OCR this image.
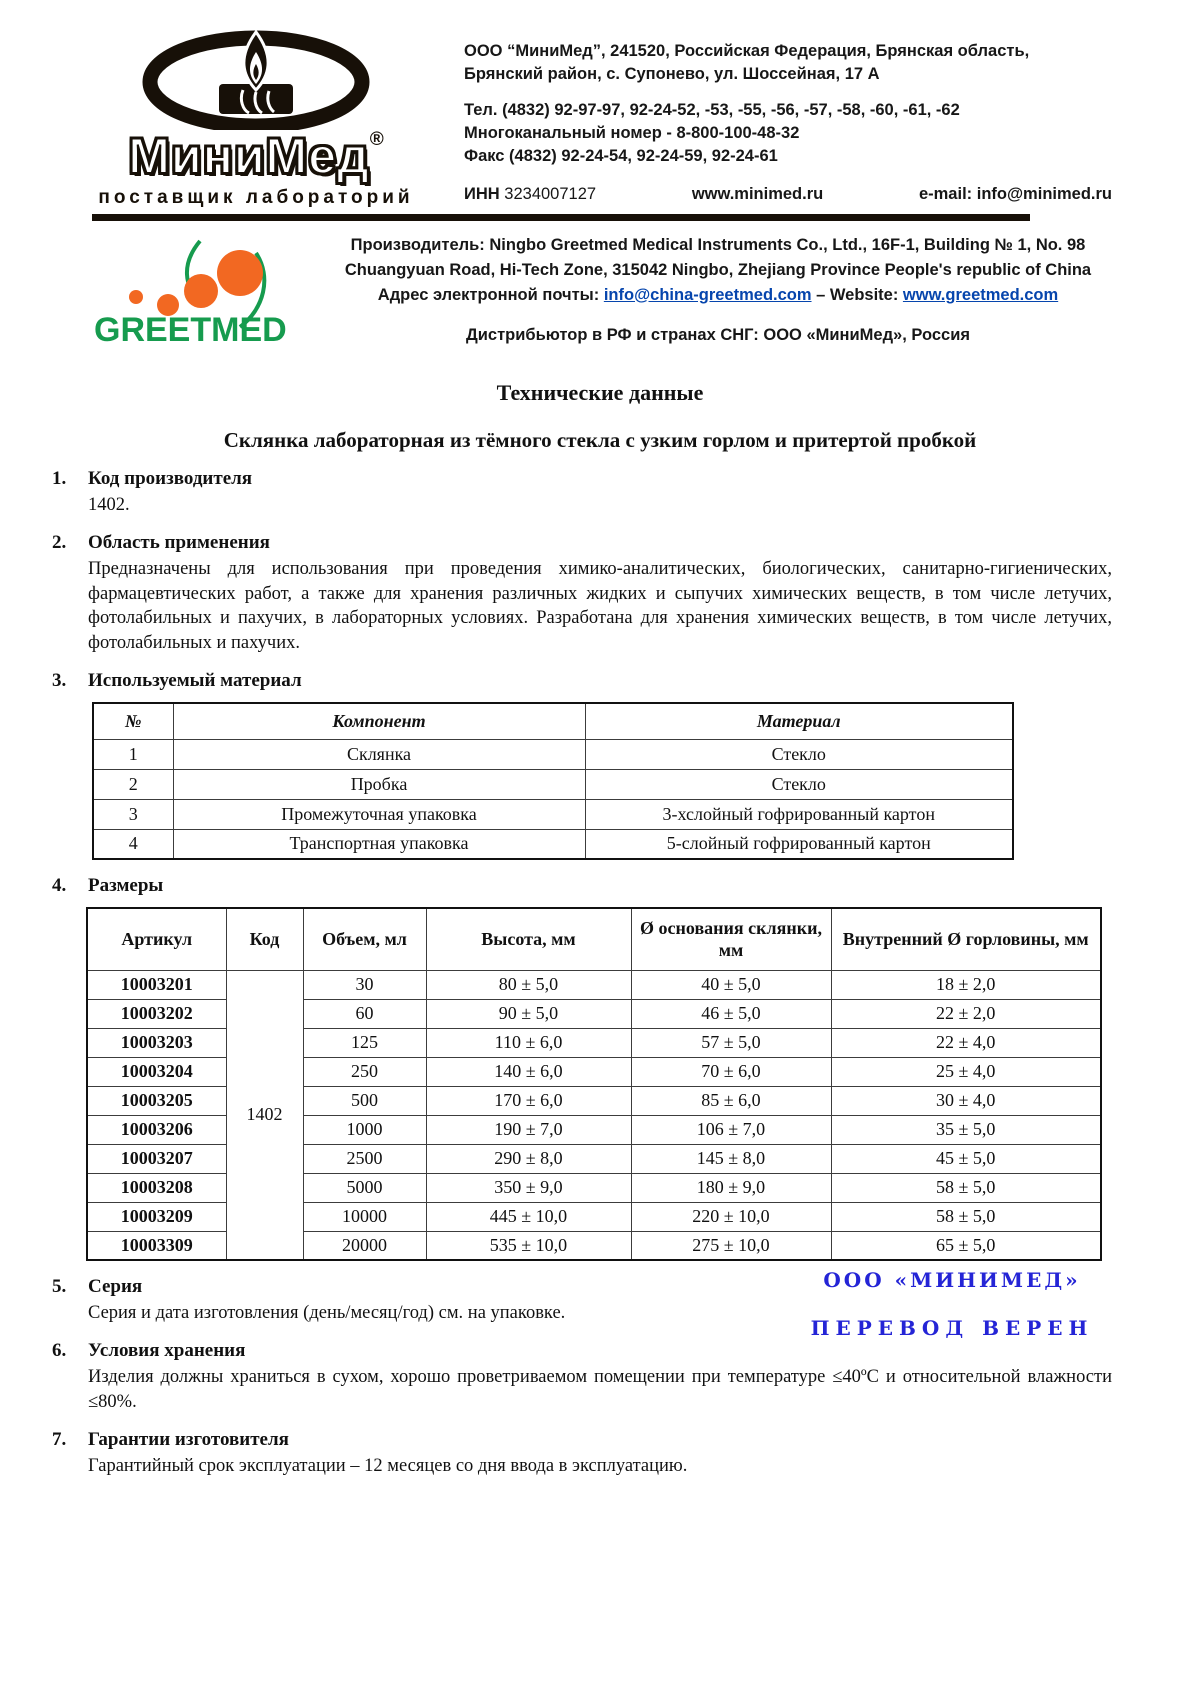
МиниМед®
поставщик лабораторий
ООО “МиниМед”, 241520, Российская Федерация, Брянская область,
Брянский район, с. Супонево, ул. Шоссейная, 17 А
Тел. (4832) 92-97-97, 92-24-52, -53, -55, -56, -57, -58, -60, -61, -62
Многоканальный номер - 8-800-100-48-32
Факс (4832) 92-24-54, 92-24-59, 92-24-61
ИНН 3234007127	www.minimed.ru	e-mail: info@minimed.ru
GREETMED
Производитель: Ningbo Greetmed Medical Instruments Co., Ltd., 16F-1, Building № 1, No. 98
Chuangyuan Road, Hi-Tech Zone, 315042 Ningbo, Zhejiang Province People's republic of China
Адрес электронной почты: info@china-greetmed.com – Website: www.greetmed.com
Дистрибьютор в РФ и странах СНГ: ООО «МиниМед», Россия
Технические данные
Склянка лабораторная из тёмного стекла с узким горлом и притертой пробкой
1. Код производителя
1402.
2. Область применения
Предназначены для использования при проведения химико-аналитических, биологических, санитарно-гигиенических, фармацевтических работ, а также для хранения различных жидких и сыпучих химических веществ, в том числе летучих, фотолабильных и пахучих, в лабораторных условиях. Разработана для хранения химических веществ, в том числе летучих, фотолабильных и пахучих.
3. Используемый материал
№	Компонент	Материал
1	Склянка	Стекло
2	Пробка	Стекло
3	Промежуточная упаковка	3-хслойный гофрированный картон
4	Транспортная упаковка	5-слойный гофрированный картон
4. Размеры
Артикул	Код	Объем, мл	Высота, мм	Ø основания склянки, мм	Внутренний Ø горловины, мм
10003201	1402	30	80 ± 5,0	40 ± 5,0	18 ± 2,0
10003202		60	90 ± 5,0	46 ± 5,0	22 ± 2,0
10003203		125	110 ± 6,0	57 ± 5,0	22 ± 4,0
10003204		250	140 ± 6,0	70 ± 6,0	25 ± 4,0
10003205		500	170 ± 6,0	85 ± 6,0	30 ± 4,0
10003206		1000	190 ± 7,0	106 ± 7,0	35 ± 5,0
10003207		2500	290 ± 8,0	145 ± 8,0	45 ± 5,0
10003208		5000	350 ± 9,0	180 ± 9,0	58 ± 5,0
10003209		10000	445 ± 10,0	220 ± 10,0	58 ± 5,0
10003309		20000	535 ± 10,0	275 ± 10,0	65 ± 5,0
5. Серия
Серия и дата изготовления (день/месяц/год) см. на упаковке.
ООО «МИНИМЕД»
ПЕРЕВОД ВЕРЕН
6. Условия хранения
Изделия должны храниться в сухом, хорошо проветриваемом помещении при температуре ≤40ºС и относительной влажности ≤80%.
7. Гарантии изготовителя
Гарантийный срок эксплуатации – 12 месяцев со дня ввода в эксплуатацию.
